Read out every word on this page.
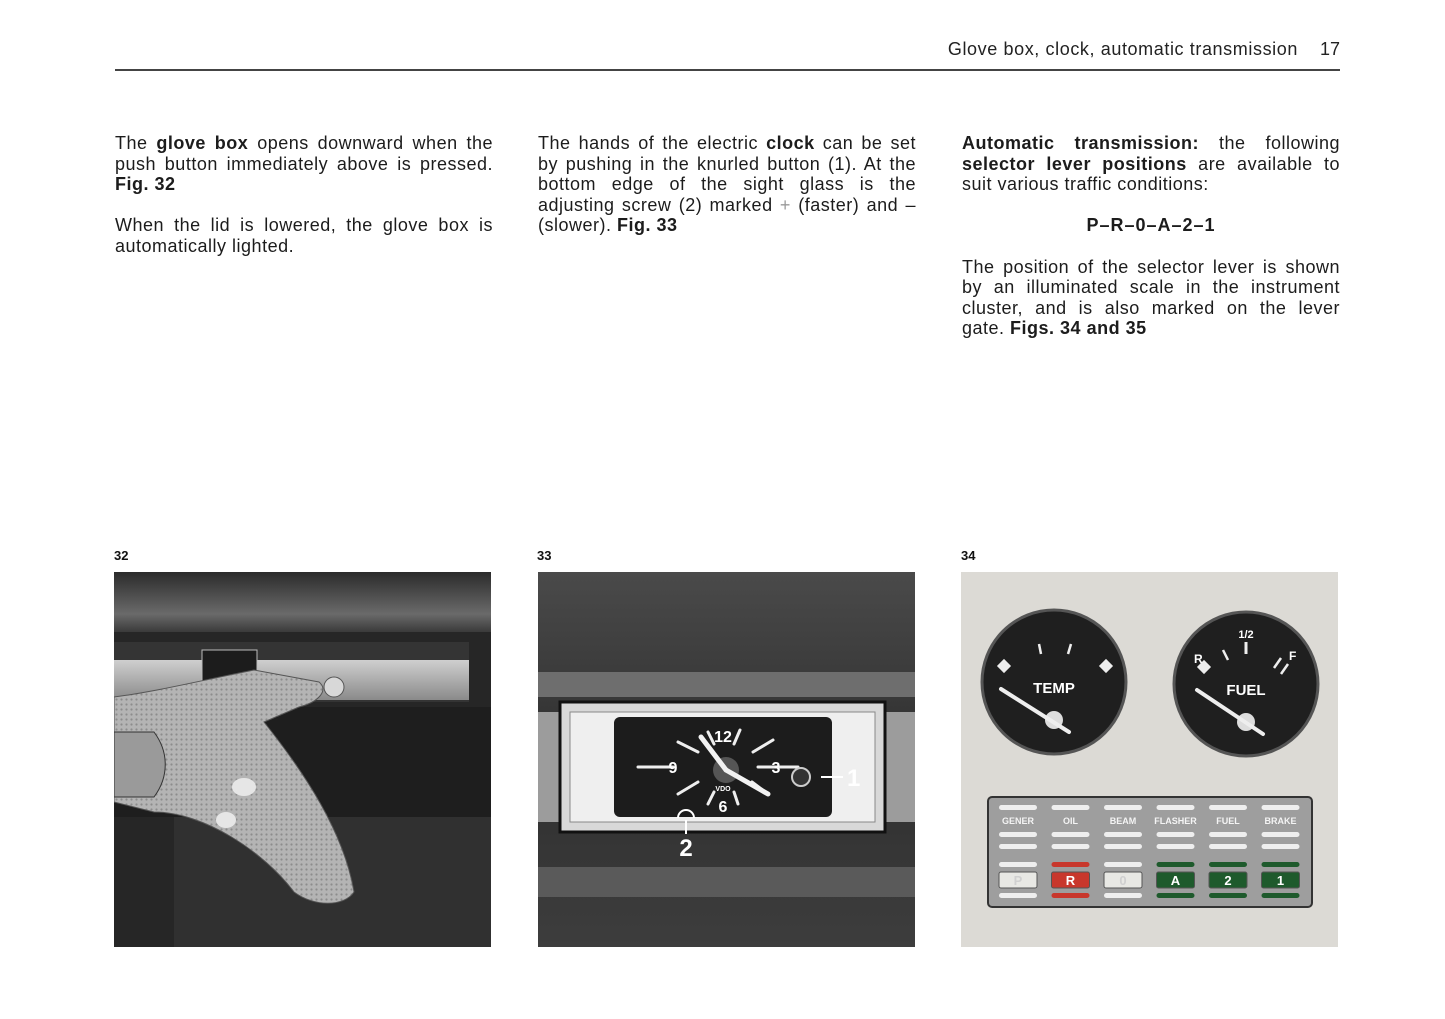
Glove box, clock, automatic transmission 17

The glove box opens downward when the push button immediately above is pressed. Fig. 32

When the lid is lowered, the glove box is automatically lighted.

The hands of the electric clock can be set by pushing in the knurled button (1). At the bottom edge of the sight glass is the adjusting screw (2) marked + (faster) and – (slower). Fig. 33

Automatic transmission: the following selector lever positions are available to suit various traffic conditions:

P–R–0–A–2–1

The position of the selector lever is shown by an illuminated scale in the instrument cluster, and is also marked on the lever gate. Figs. 34 and 35

32	33
12
3
6
9
VDO	1
2
34
TEMP
R
1/2
F
FUEL
GENER
P
OIL
R
BEAM
0
FLASHER
A
FUEL
2
BRAKE
1
